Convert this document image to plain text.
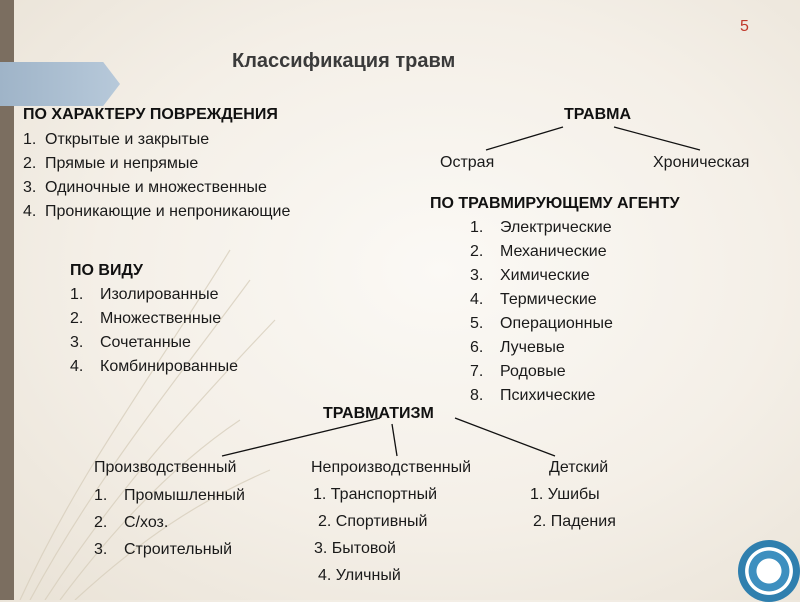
5
Классификация травм
ПО ХАРАКТЕРУ ПОВРЕЖДЕНИЯ
1. Открытые и закрытые
2. Прямые и непрямые
3. Одиночные и множественные
4. Проникающие и непроникающие
ТРАВМА
Острая	Хроническая
ПО ТРАВМИРУЮЩЕМУ АГЕНТУ
1. Электрические
2. Механические
3. Химические
4. Термические
5. Операционные
6. Лучевые
7. Родовые
8. Психические
ПО ВИДУ
1. Изолированные
2. Множественные
3. Сочетанные
4. Комбинированные
ТРАВМАТИЗМ
Производственный
1. Промышленный
2. С/хоз.
3. Строительный
Непроизводственный
1. Транспортный
2. Спортивный
3. Бытовой
4. Уличный
Детский
1. Ушибы
2. Падения
